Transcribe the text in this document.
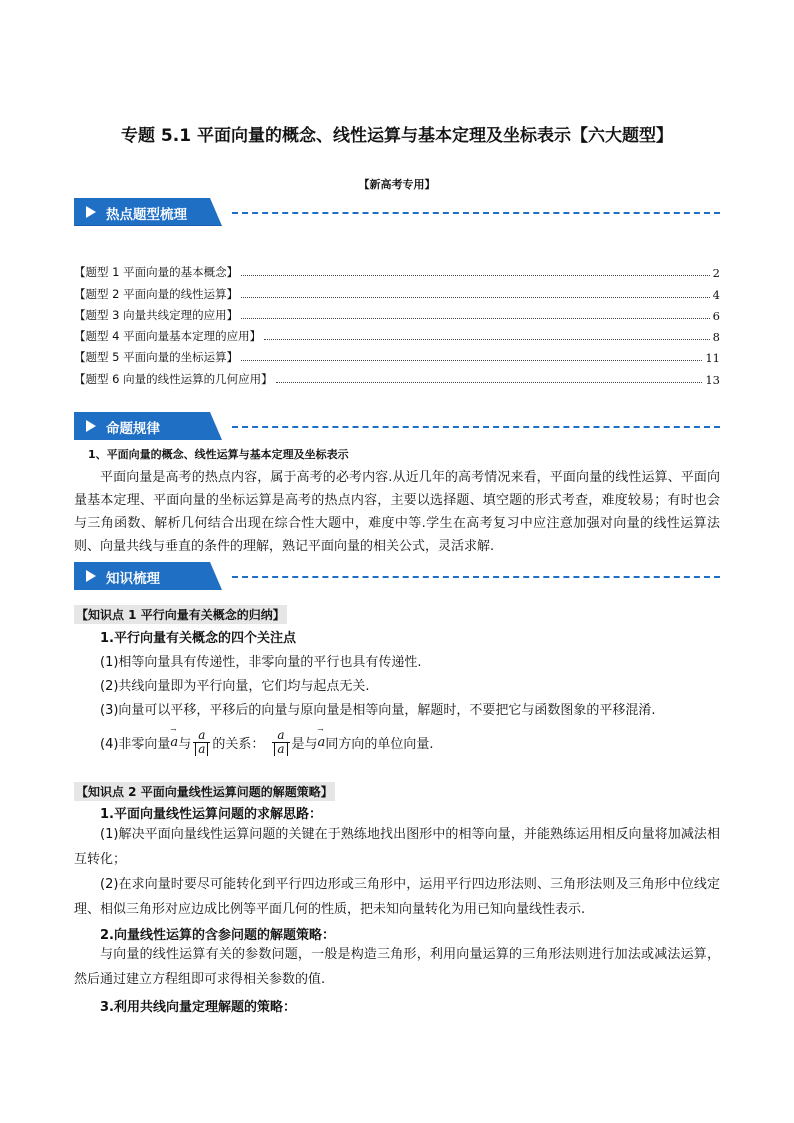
专题 5.1 平面向量的概念、线性运算与基本定理及坐标表示【六大题型】
【新高考专用】
热点题型梳理
【题型 1 平面向量的基本概念】	2
【题型 2 平面向量的线性运算】	4
【题型 3 向量共线定理的应用】	6
【题型 4 平面向量基本定理的应用】	8
【题型 5 平面向量的坐标运算】	11
【题型 6 向量的线性运算的几何应用】	13
命题规律
1、平面向量的概念、线性运算与基本定理及坐标表示
平面向量是高考的热点内容，属于高考的必考内容.从近几年的高考情况来看，平面向量的线性运算、平面向量基本定理、平面向量的坐标运算是高考的热点内容，主要以选择题、填空题的形式考查，难度较易；有时也会与三角函数、解析几何结合出现在综合性大题中，难度中等.学生在高考复习中应注意加强对向量的线性运算法则、向量共线与垂直的条件的理解，熟记平面向量的相关公式，灵活求解.
知识梳理
【知识点 1 平行向量有关概念的归纳】
1.平行向量有关概念的四个关注点
(1)相等向量具有传递性，非零向量的平行也具有传递性.
(2)共线向量即为平行向量，它们均与起点无关.
(3)向量可以平移，平移后的向量与原向量是相等向量，解题时，不要把它与函数图象的平移混淆.
(4)非零向量 → a 与 $\frac{a}{a}$ 的关系： $\frac{a}{a}$ 是与 → a 同方向的单位向量.
【知识点 2 平面向量线性运算问题的解题策略】
1.平面向量线性运算问题的求解思路：
(1)解决平面向量线性运算问题的关键在于熟练地找出图形中的相等向量，并能熟练运用相反向量将加减法相互转化；
(2)在求向量时要尽可能转化到平行四边形或三角形中，运用平行四边形法则、三角形法则及三角形中位线定理、相似三角形对应边成比例等平面几何的性质，把未知向量转化为用已知向量线性表示.
2.向量线性运算的含参问题的解题策略：
与向量的线性运算有关的参数问题，一般是构造三角形，利用向量运算的三角形法则进行加法或减法运算，然后通过建立方程组即可求得相关参数的值.
3.利用共线向量定理解题的策略：
